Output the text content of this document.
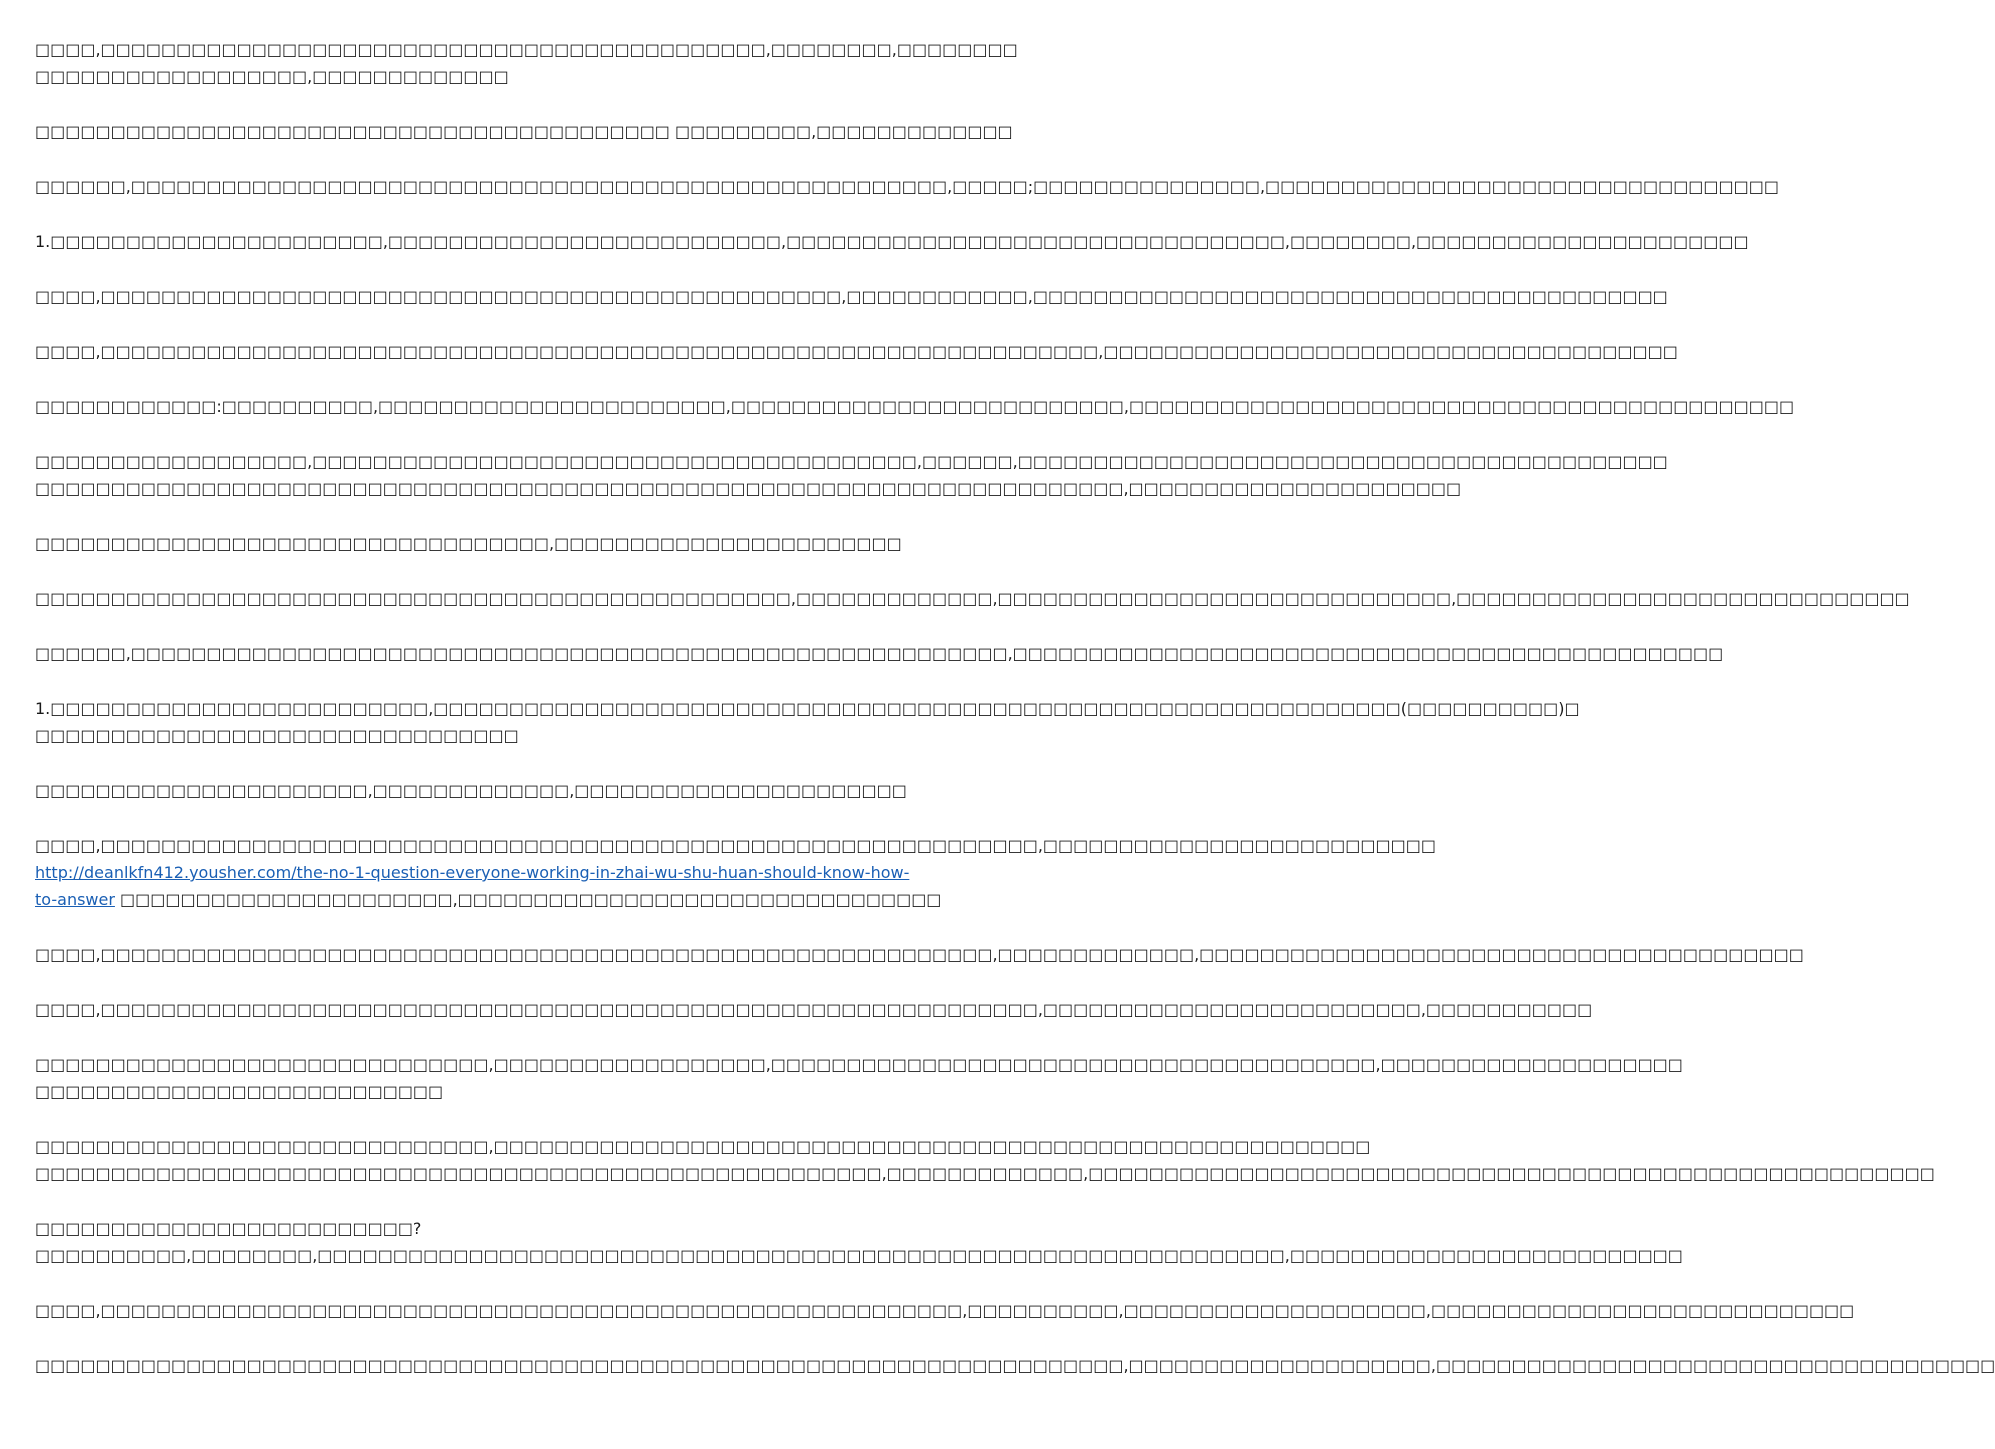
□□□□,□□□□□□□□□□□□□□□□□□□□□□□□□□□□□□□□□□□□□□□□□□□□,□□□□□□□□,□□□□□□□□
□□□□□□□□□□□□□□□□□□,□□□□□□□□□□□□□

□□□□□□□□□□□□□□□□□□□□□□□□□□□□□□□□□□□□□□□□□□ □□□□□□□□□,□□□□□□□□□□□□□

□□□□□□,□□□□□□□□□□□□□□□□□□□□□□□□□□□□□□□□□□□□□□□□□□□□□□□□□□□□□□,□□□□□;□□□□□□□□□□□□□□□,□□□□□□□□□□□□□□□□□□□□□□□□□□□□□□□□□□

1.□□□□□□□□□□□□□□□□□□□□□□,□□□□□□□□□□□□□□□□□□□□□□□□□□,□□□□□□□□□□□□□□□□□□□□□□□□□□□□□□□□□,□□□□□□□□,□□□□□□□□□□□□□□□□□□□□□□

□□□□,□□□□□□□□□□□□□□□□□□□□□□□□□□□□□□□□□□□□□□□□□□□□□□□□□,□□□□□□□□□□□□,□□□□□□□□□□□□□□□□□□□□□□□□□□□□□□□□□□□□□□□□□□

□□□□,□□□□□□□□□□□□□□□□□□□□□□□□□□□□□□□□□□□□□□□□□□□□□□□□□□□□□□□□□□□□□□□□□□,□□□□□□□□□□□□□□□□□□□□□□□□□□□□□□□□□□□□□□

□□□□□□□□□□□□:□□□□□□□□□□,□□□□□□□□□□□□□□□□□□□□□□□,□□□□□□□□□□□□□□□□□□□□□□□□□□,□□□□□□□□□□□□□□□□□□□□□□□□□□□□□□□□□□□□□□□□□□□□

□□□□□□□□□□□□□□□□□□,□□□□□□□□□□□□□□□□□□□□□□□□□□□□□□□□□□□□□□□□,□□□□□□,□□□□□□□□□□□□□□□□□□□□□□□□□□□□□□□□□□□□□□□□□□□
□□□□□□□□□□□□□□□□□□□□□□□□□□□□□□□□□□□□□□□□□□□□□□□□□□□□□□□□□□□□□□□□□□□□□□□□,□□□□□□□□□□□□□□□□□□□□□□

□□□□□□□□□□□□□□□□□□□□□□□□□□□□□□□□□□,□□□□□□□□□□□□□□□□□□□□□□□

□□□□□□□□□□□□□□□□□□□□□□□□□□□□□□□□□□□□□□□□□□□□□□□□□□,□□□□□□□□□□□□□,□□□□□□□□□□□□□□□□□□□□□□□□□□□□□□,□□□□□□□□□□□□□□□□□□□□□□□□□□□□□□

□□□□□□,□□□□□□□□□□□□□□□□□□□□□□□□□□□□□□□□□□□□□□□□□□□□□□□□□□□□□□□□□□,□□□□□□□□□□□□□□□□□□□□□□□□□□□□□□□□□□□□□□□□□□□□□□□

1.□□□□□□□□□□□□□□□□□□□□□□□□□,□□□□□□□□□□□□□□□□□□□□□□□□□□□□□□□□□□□□□□□□□□□□□□□□□□□□□□□□□□□□□□□□(□□□□□□□□□□)□
□□□□□□□□□□□□□□□□□□□□□□□□□□□□□□□□

□□□□□□□□□□□□□□□□□□□□□□,□□□□□□□□□□□□□,□□□□□□□□□□□□□□□□□□□□□□

□□□□,□□□□□□□□□□□□□□□□□□□□□□□□□□□□□□□□□□□□□□□□□□□□□□□□□□□□□□□□□□□□□□,□□□□□□□□□□□□□□□□□□□□□□□□□□
http://deanlkfn412.yousher.com/the-no-1-question-everyone-working-in-zhai-wu-shu-huan-should-know-how-
to-answer □□□□□□□□□□□□□□□□□□□□□□,□□□□□□□□□□□□□□□□□□□□□□□□□□□□□□□□

□□□□,□□□□□□□□□□□□□□□□□□□□□□□□□□□□□□□□□□□□□□□□□□□□□□□□□□□□□□□□□□□,□□□□□□□□□□□□□,□□□□□□□□□□□□□□□□□□□□□□□□□□□□□□□□□□□□□□□□

□□□□,□□□□□□□□□□□□□□□□□□□□□□□□□□□□□□□□□□□□□□□□□□□□□□□□□□□□□□□□□□□□□□,□□□□□□□□□□□□□□□□□□□□□□□□□,□□□□□□□□□□□

□□□□□□□□□□□□□□□□□□□□□□□□□□□□□□,□□□□□□□□□□□□□□□□□□,□□□□□□□□□□□□□□□□□□□□□□□□□□□□□□□□□□□□□□□□,□□□□□□□□□□□□□□□□□□□□
□□□□□□□□□□□□□□□□□□□□□□□□□□□

□□□□□□□□□□□□□□□□□□□□□□□□□□□□□□,□□□□□□□□□□□□□□□□□□□□□□□□□□□□□□□□□□□□□□□□□□□□□□□□□□□□□□□□□□
□□□□□□□□□□□□□□□□□□□□□□□□□□□□□□□□□□□□□□□□□□□□□□□□□□□□□□□□,□□□□□□□□□□□□□,□□□□□□□□□□□□□□□□□□□□□□□□□□□□□□□□□□□□□□□□□□□□□□□□□□□□□□□□

□□□□□□□□□□□□□□□□□□□□□□□□□?
□□□□□□□□□□,□□□□□□□□,□□□□□□□□□□□□□□□□□□□□□□□□□□□□□□□□□□□□□□□□□□□□□□□□□□□□□□□□□□□□□□□□,□□□□□□□□□□□□□□□□□□□□□□□□□□

□□□□,□□□□□□□□□□□□□□□□□□□□□□□□□□□□□□□□□□□□□□□□□□□□□□□□□□□□□□□□□,□□□□□□□□□□,□□□□□□□□□□□□□□□□□□□□,□□□□□□□□□□□□□□□□□□□□□□□□□□□□

□□□□□□□□□□□□□□□□□□□□□□□□□□□□□□□□□□□□□□□□□□□□□□□□□□□□□□□□□□□□□□□□□□□□□□□□,□□□□□□□□□□□□□□□□□□□□,□□□□□□□□□□□□□□□□□□□□□□□□□□□□□□□□□□□□□
